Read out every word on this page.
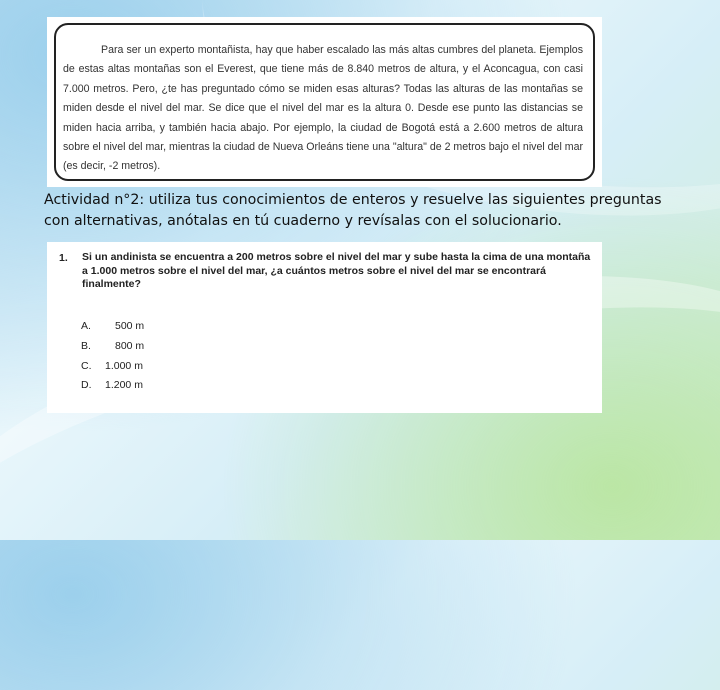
Para ser un experto montañista, hay que haber escalado las más altas cumbres del planeta. Ejemplos de estas altas montañas son el Everest, que tiene más de 8.840 metros de altura, y el Aconcagua, con casi 7.000 metros. Pero, ¿te has preguntado cómo se miden esas alturas? Todas las alturas de las montañas se miden desde el nivel del mar. Se dice que el nivel del mar es la altura 0. Desde ese punto las distancias se miden hacia arriba, y también hacia abajo. Por ejemplo, la ciudad de Bogotá está a 2.600 metros de altura sobre el nivel del mar, mientras la ciudad de Nueva Orleáns tiene una "altura" de 2 metros bajo el nivel del mar (es decir, -2 metros).
Actividad n°2: utiliza tus conocimientos de enteros y resuelve las siguientes preguntas con alternativas, anótalas en tú cuaderno y revísalas con el solucionario.
1. Si un andinista se encuentra a 200 metros sobre el nivel del mar y sube hasta la cima de una montaña a 1.000 metros sobre el nivel del mar, ¿a cuántos metros sobre el nivel del mar se encontrará finalmente?
A. 500 m
B. 800 m
C. 1.000 m
D. 1.200 m
